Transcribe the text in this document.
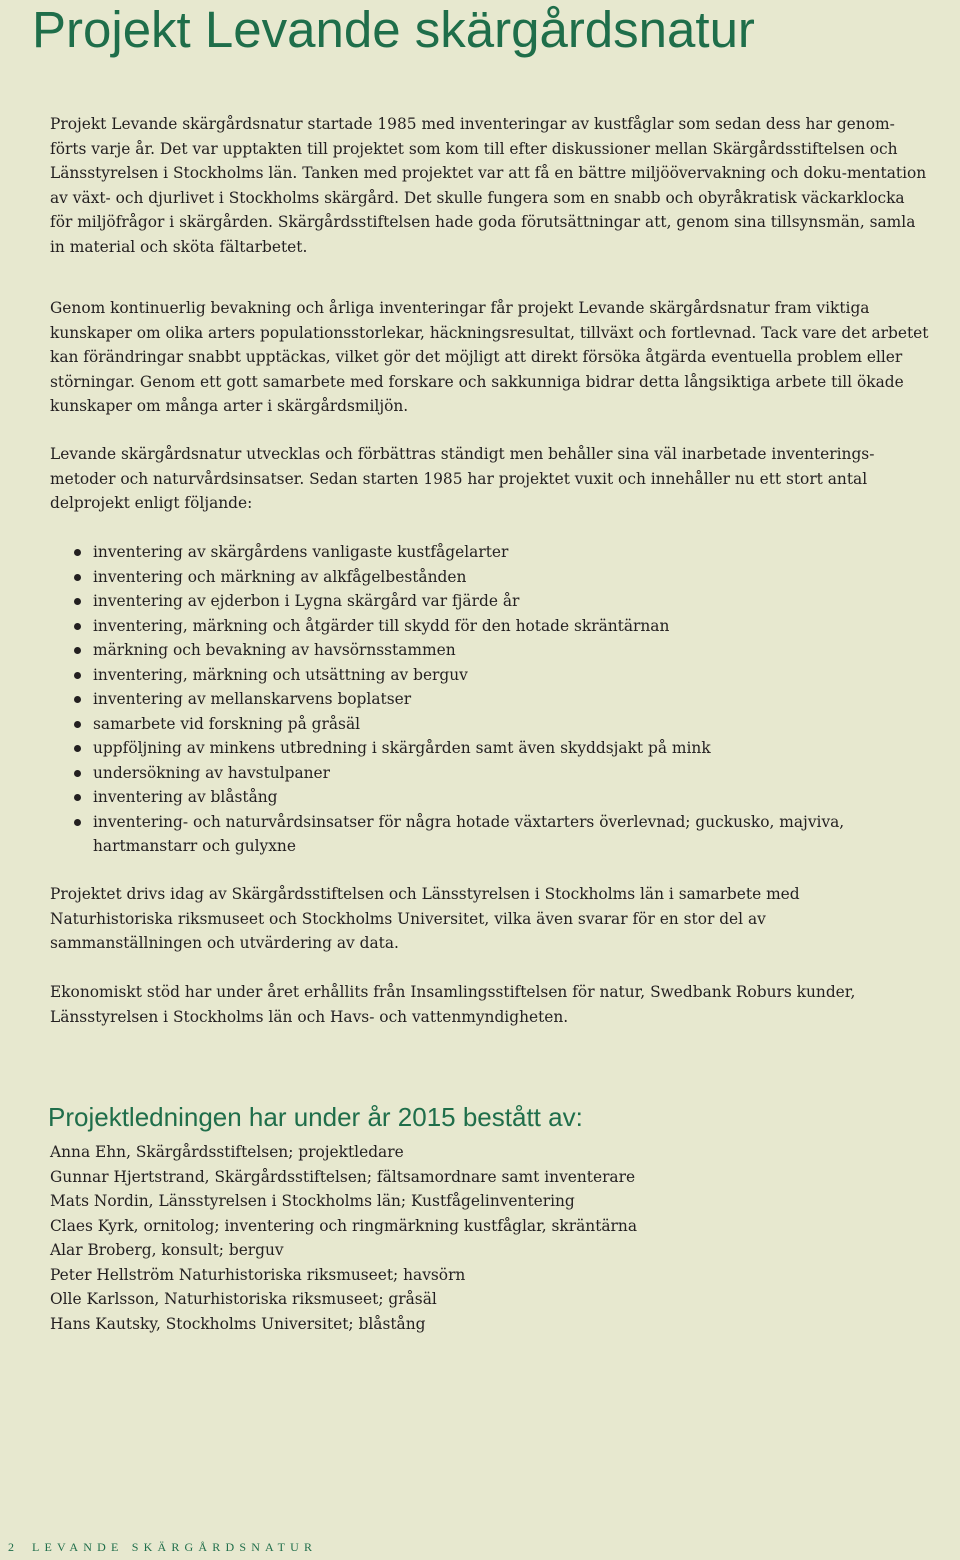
Projekt Levande skärgårdsnatur

Projekt Levande skärgårdsnatur startade 1985 med inventeringar av kustfåglar som sedan dess har genom-förts varje år. Det var upptakten till projektet som kom till efter diskussioner mellan Skärgårdsstiftelsen och Länsstyrelsen i Stockholms län. Tanken med projektet var att få en bättre miljöövervakning och doku-mentation av växt- och djurlivet i Stockholms skärgård. Det skulle fungera som en snabb och obyråkratisk väckarklocka för miljöfrågor i skärgården. Skärgårdsstiftelsen hade goda förutsättningar att, genom sina tillsynsmän, samla in material och sköta fältarbetet.

Genom kontinuerlig bevakning och årliga inventeringar får projekt Levande skärgårdsnatur fram viktiga kunskaper om olika arters populationsstorlekar, häckningsresultat, tillväxt och fortlevnad. Tack vare det arbetet kan förändringar snabbt upptäckas, vilket gör det möjligt att direkt försöka åtgärda eventuella problem eller störningar. Genom ett gott samarbete med forskare och sakkunniga bidrar detta långsiktiga arbete till ökade kunskaper om många arter i skärgårdsmiljön.

Levande skärgårdsnatur utvecklas och förbättras ständigt men behåller sina väl inarbetade inventerings-metoder och naturvårdsinsatser. Sedan starten 1985 har projektet vuxit och innehåller nu ett stort antal delprojekt enligt följande:

inventering av skärgårdens vanligaste kustfågelarter
inventering och märkning av alkfågelbestånden
inventering av ejderbon i Lygna skärgård var fjärde år
inventering, märkning och åtgärder till skydd för den hotade skräntärnan
märkning och bevakning av havsörnsstammen
inventering, märkning och utsättning av berguv
inventering av mellanskarvens boplatser
samarbete vid forskning på gråsäl
uppföljning av minkens utbredning i skärgården samt även skyddsjakt på mink
undersökning av havstulpaner
inventering av blåstång
inventering- och naturvårdsinsatser för några hotade växtarters överlevnad; guckusko, majviva, hartmanstarr och gulyxne

Projektet drivs idag av Skärgårdsstiftelsen och Länsstyrelsen i Stockholms län i samarbete med Naturhistoriska riksmuseet och Stockholms Universitet, vilka även svarar för en stor del av sammanställningen och utvärdering av data.

Ekonomiskt stöd har under året erhållits från Insamlingsstiftelsen för natur, Swedbank Roburs kunder, Länsstyrelsen i Stockholms län och Havs- och vattenmyndigheten.

Projektledningen har under år 2015 bestått av:
Anna Ehn, Skärgårdsstiftelsen; projektledare
Gunnar Hjertstrand, Skärgårdsstiftelsen; fältsamordnare samt inventerare
Mats Nordin, Länsstyrelsen i Stockholms län; Kustfågelinventering
Claes Kyrk, ornitolog; inventering och ringmärkning kustfåglar, skräntärna
Alar Broberg, konsult; berguv
Peter Hellström Naturhistoriska riksmuseet; havsörn
Olle Karlsson, Naturhistoriska riksmuseet; gråsäl
Hans Kautsky, Stockholms Universitet; blåstång
2 LEVANDE SKÄRGÅRDSNATUR
